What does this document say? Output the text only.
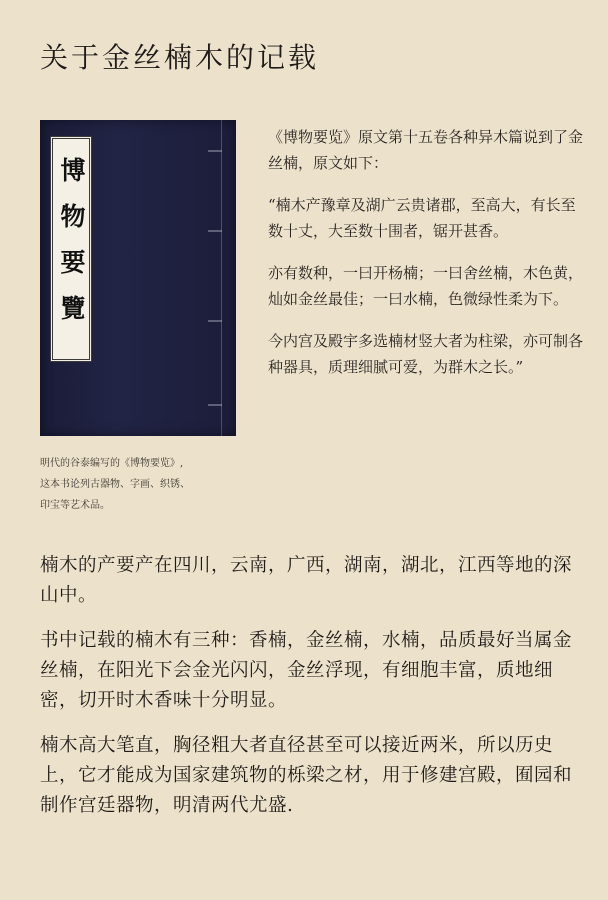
关于金丝楠木的记载
博物要覽
明代的谷泰编写的《博物要览》,
这本书论列古器物、字画、织锈、
印宝等艺术品。

《博物要览》原文第十五卷各种异木篇说到了金丝楠，原文如下：

“楠木产豫章及湖广云贵诸郡，至高大，有长至数十丈，大至数十围者，锯开甚香。

亦有数种，一曰开杨楠；一曰舍丝楠，木色黄，灿如金丝最佳；一曰水楠，色微绿性柔为下。

今内宫及殿宇多选楠材竖大者为柱梁，亦可制各种器具，质理细腻可爱，为群木之长。”

楠木的产要产在四川，云南，广西，湖南，湖北，江西等地的深山中。

书中记载的楠木有三种：香楠，金丝楠，水楠，品质最好当属金丝楠，在阳光下会金光闪闪，金丝浮现，有细胞丰富，质地细密，切开时木香味十分明显。

楠木高大笔直，胸径粗大者直径甚至可以接近两米，所以历史上，它才能成为国家建筑物的栎梁之材，用于修建宫殿，囿园和制作宫廷器物，明清两代尤盛.
